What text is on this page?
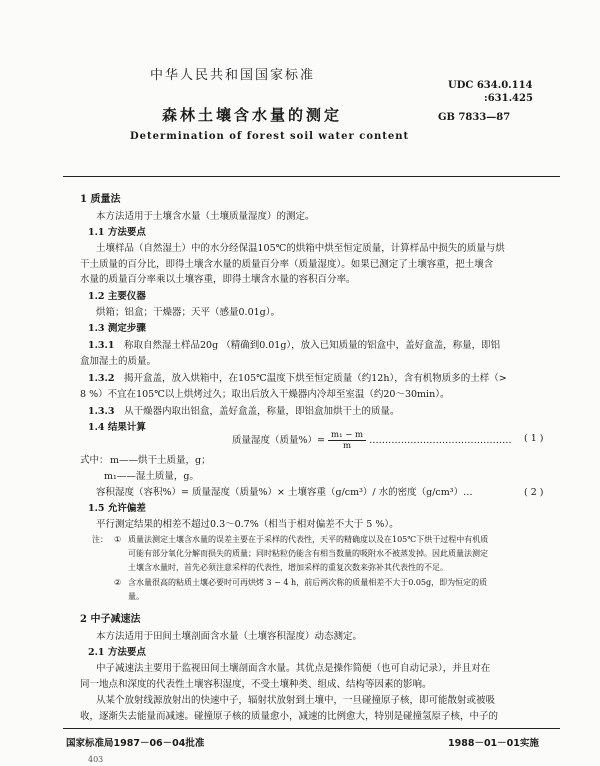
中华人民共和国国家标准
UDC 634.0.114
:631.425
森林土壤含水量的测定	GB 7833—87
Determination of forest soil water content
1 质量法
本方法适用于土壤含水量（土壤质量湿度）的测定。
1.1 方法要点
土壤样品（自然湿土）中的水分经保温105℃的烘箱中烘至恒定质量，计算样品中损失的质量与烘
干土质量的百分比，即得土壤含水量的质量百分率（质量湿度）。如果已测定了土壤容重，把土壤含
水量的质量百分率乘以土壤容重，即得土壤含水量的容积百分率。
1.2 主要仪器
烘箱；铝盒；干燥器；天平（感量0.01g）。
1.3 测定步骤
1.3.1 称取自然湿土样品20g （精确到0.01g），放入已知质量的铝盒中，盖好盒盖，称量，即铝
盒加湿土的质量。
1.3.2 揭开盒盖，放入烘箱中，在105℃温度下烘至恒定质量（约12h），含有机物质多的土样（>
8 %）不宜在105℃以上烘烤过久；取出后放入干燥器内冷却至室温（约20～30min）。
1.3.3 从干燥器内取出铝盒，盖好盒盖，称量，即铝盒加烘干土的质量。
1.4 结果计算
质量湿度（质量%）= $\frac{\text{m₁ − m}}{m}$ ……………………………………… ( 1 )
式中： m——烘干土质量，g；
m₁——湿土质量，g。
容积湿度（容积%）= 质量湿度（质量%）× 土壤容重（g/cm³）/ 水的密度（g/cm³）…	( 2 )
1.5 允许偏差
平行测定结果的相差不超过0.3～0.7%（相当于相对偏差不大于 5 %）。
注： ① 质量法测定土壤含水量的误差主要在于采样的代表性，天平的精确度以及在105℃下烘干过程中有机质
可能有部分氧化分解而损失的质量；同时粘粒仍能含有相当数量的吸附水不被蒸发掉。因此质量法测定
土壤含水量时，首先必须注意采样的代表性，增加采样的重复次数来弥补其代表性的不足。
② 含水量很高的粘质土壤必要时可再烘烤 3 − 4 h，前后两次称的质量相差不大于0.05g，即为恒定的质
量。
2 中子减速法
本方法适用于田间土壤剖面含水量（土壤容积湿度）动态测定。
2.1 方法要点
中子减速法主要用于监视田间土壤剖面含水量。其优点是操作简便（也可自动记录），并且对在
同一地点和深度的代表性土壤容积湿度，不受土壤种类、组成、结构等因素的影响。
从某个放射线源放射出的快速中子，辐射状放射到土壤中，一旦碰撞原子核，即可能散射或被吸
收，逐渐失去能量而减速。碰撞原子核的质量愈小，减速的比例愈大，特别是碰撞氢原子核，中子的
国家标准局1987－06－04批准	1988－01－01实施
403
